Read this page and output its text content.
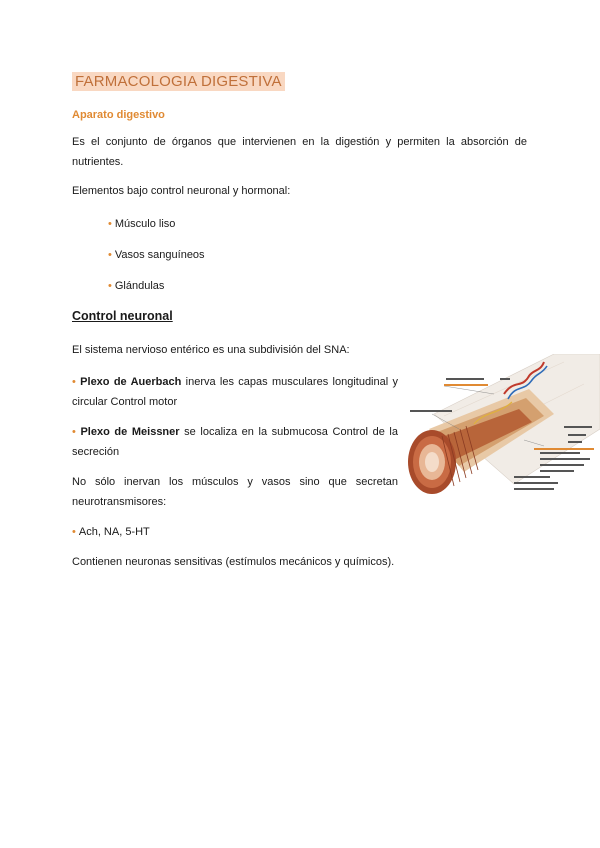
FARMACOLOGIA DIGESTIVA
Aparato digestivo

Es el conjunto de órganos que intervienen en la digestión y permiten la absorción de nutrientes.

Elementos bajo control neuronal y hormonal:

• Músculo liso
• Vasos sanguíneos
• Glándulas
Control neuronal

El sistema nervioso entérico es una subdivisión del SNA:

• Plexo de Auerbach inerva les capas musculares longitudinal y circular Control motor

• Plexo de Meissner se localiza en la submucosa Control de la secreción

No sólo inervan los músculos y vasos sino que secretan neurotransmisores:

• Ach, NA, 5-HT

Contienen neuronas sensitivas (estímulos mecánicos y químicos).
